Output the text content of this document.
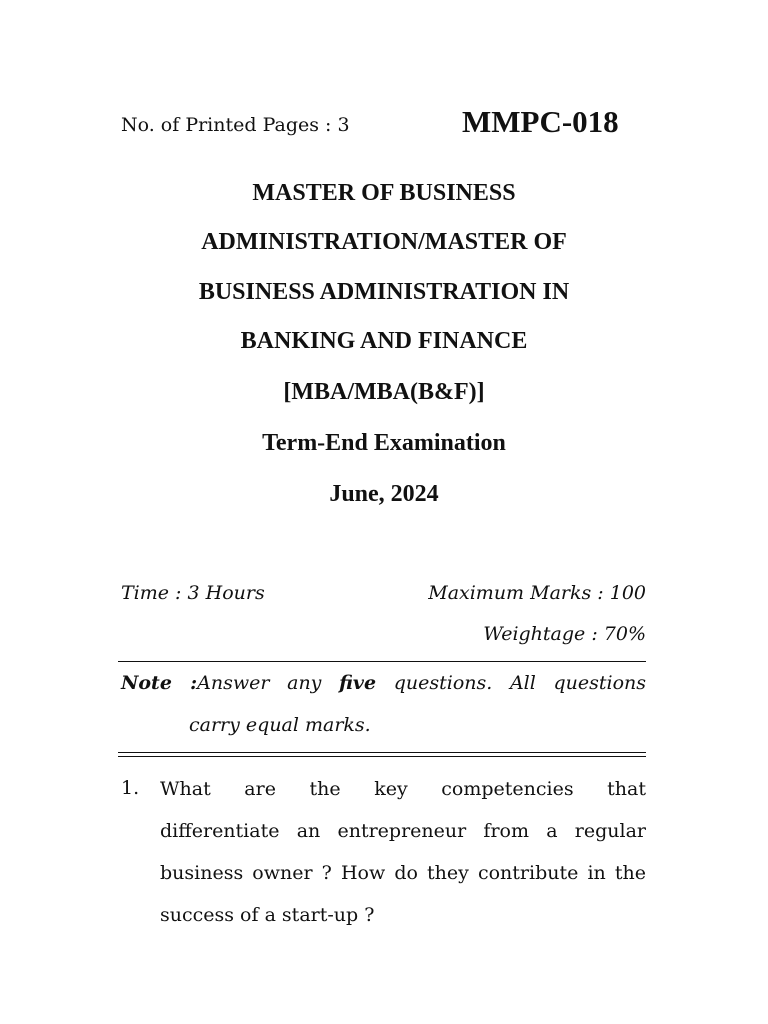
No. of Printed Pages : 3	MMPC-018
MASTER OF BUSINESS
ADMINISTRATION/MASTER OF
BUSINESS ADMINISTRATION IN
BANKING AND FINANCE
[MBA/MBA(B&F)]
Term-End Examination
June, 2024
Time : 3 Hours	Maximum Marks : 100
Weightage : 70%
Note :Answer any five questions. All questions
carry equal marks.
1. What are the key competencies that
differentiate an entrepreneur from a regular
business owner ? How do they contribute in the
success of a start-up ?
